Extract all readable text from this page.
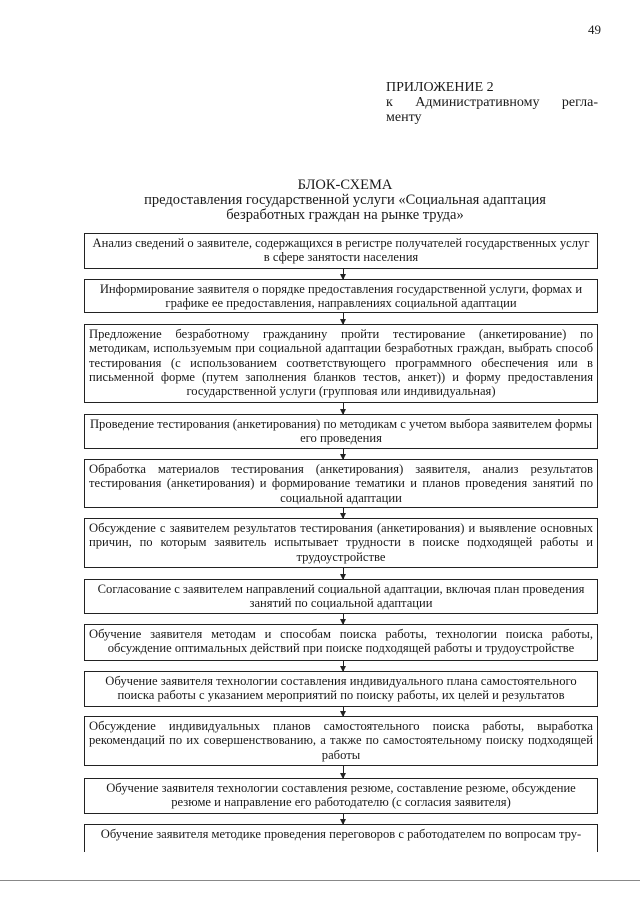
49
ПРИЛОЖЕНИЕ 2
к Административному регла-
менту
БЛОК-СХЕМА
предоставления государственной услуги «Социальная адаптация безработных граждан на рынке труда»
Анализ сведений о заявителе, содержащихся в регистре получателей государственных услуг в сфере занятости населения
Информирование заявителя о порядке предоставления государственной услуги, формах и графике ее предоставления, направлениях социальной адаптации
Предложение безработному гражданину пройти тестирование (анкетирование) по методикам, используемым при социальной адаптации безработных граждан, выбрать способ тестирования (с использованием соответствующего программного обеспечения или в письменной форме (путем заполнения бланков тестов, анкет)) и форму предоставления государственной услуги (групповая или индивидуальная)
Проведение тестирования (анкетирования) по методикам с учетом выбора заявителем формы его проведения
Обработка материалов тестирования (анкетирования) заявителя, анализ результатов тестирования (анкетирования) и формирование тематики и планов проведения занятий по социальной адаптации
Обсуждение с заявителем результатов тестирования (анкетирования) и выявление основных причин, по которым заявитель испытывает трудности в поиске подходящей работы и трудоустройстве
Согласование с заявителем направлений социальной адаптации, включая план проведения занятий по социальной адаптации
Обучение заявителя методам и способам поиска работы, технологии поиска работы, обсуждение оптимальных действий при поиске подходящей работы и трудоустройстве
Обучение заявителя технологии составления индивидуального плана самостоятельного поиска работы с указанием мероприятий по поиску работы, их целей и результатов
Обсуждение индивидуальных планов самостоятельного поиска работы, выработка рекомендаций по их совершенствованию, а также по самостоятельному поиску подходящей работы
Обучение заявителя технологии составления резюме, составление резюме, обсуждение резюме и направление его работодателю (с согласия заявителя)
Обучение заявителя методике проведения переговоров с работодателем по вопросам тру-
